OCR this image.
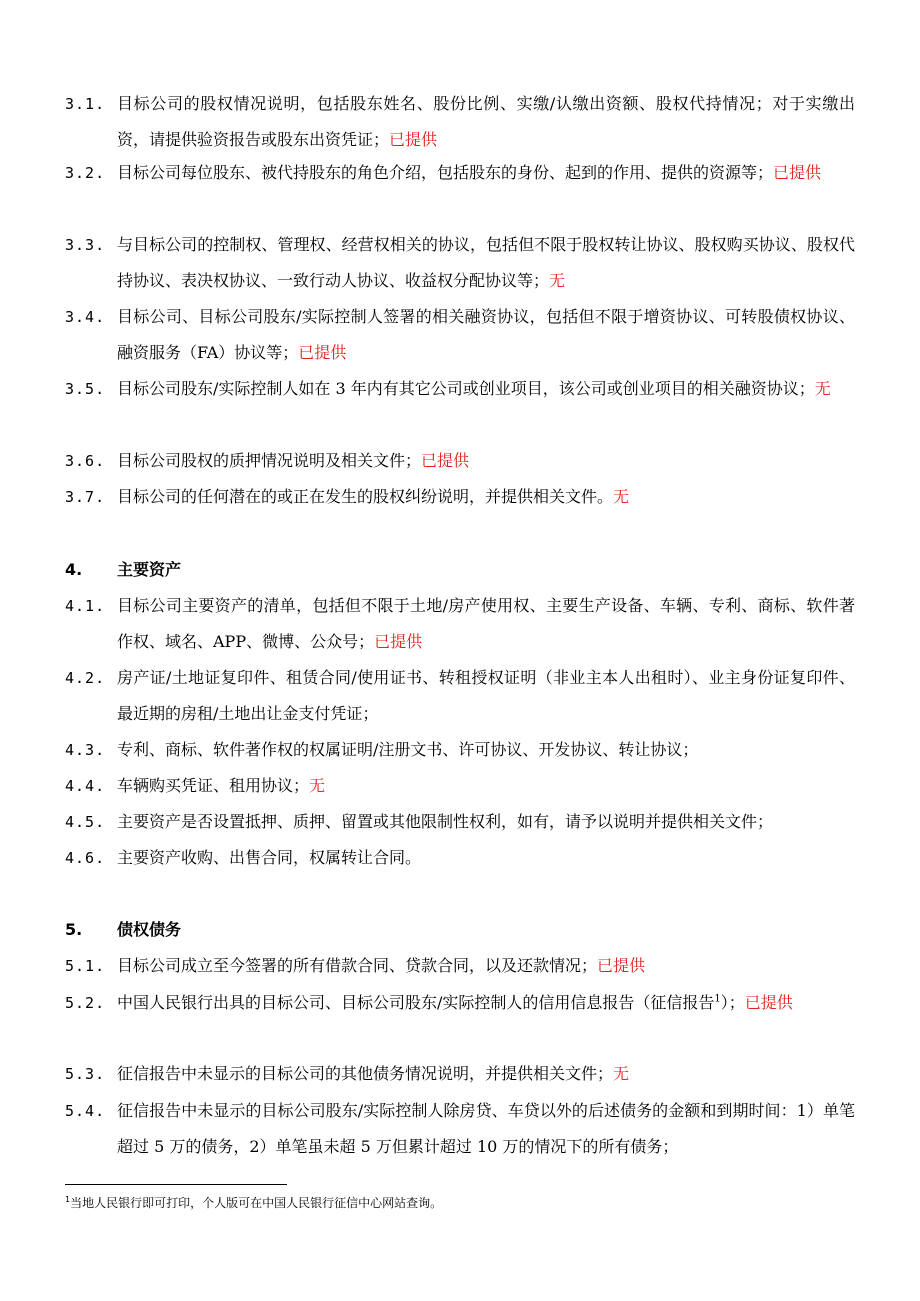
3.1. 目标公司的股权情况说明，包括股东姓名、股份比例、实缴/认缴出资额、股权代持情况；对于实缴出资，请提供验资报告或股东出资凭证；已提供
3.2. 目标公司每位股东、被代持股东的角色介绍，包括股东的身份、起到的作用、提供的资源等；已提供
3.3. 与目标公司的控制权、管理权、经营权相关的协议，包括但不限于股权转让协议、股权购买协议、股权代持协议、表决权协议、一致行动人协议、收益权分配协议等；无
3.4. 目标公司、目标公司股东/实际控制人签署的相关融资协议，包括但不限于增资协议、可转股债权协议、融资服务（FA）协议等；已提供
3.5. 目标公司股东/实际控制人如在 3 年内有其它公司或创业项目，该公司或创业项目的相关融资协议；无
3.6. 目标公司股权的质押情况说明及相关文件；已提供
3.7. 目标公司的任何潜在的或正在发生的股权纠纷说明，并提供相关文件。无
4. 主要资产
4.1. 目标公司主要资产的清单，包括但不限于土地/房产使用权、主要生产设备、车辆、专利、商标、软件著作权、域名、APP、微博、公众号；已提供
4.2. 房产证/土地证复印件、租赁合同/使用证书、转租授权证明（非业主本人出租时）、业主身份证复印件、最近期的房租/土地出让金支付凭证；
4.3. 专利、商标、软件著作权的权属证明/注册文书、许可协议、开发协议、转让协议；
4.4. 车辆购买凭证、租用协议；无
4.5. 主要资产是否设置抵押、质押、留置或其他限制性权利，如有，请予以说明并提供相关文件；
4.6. 主要资产收购、出售合同，权属转让合同。
5. 债权债务
5.1. 目标公司成立至今签署的所有借款合同、贷款合同，以及还款情况；已提供
5.2. 中国人民银行出具的目标公司、目标公司股东/实际控制人的信用信息报告（征信报告$^1$）；已提供
5.3. 征信报告中未显示的目标公司的其他债务情况说明，并提供相关文件；无
5.4. 征信报告中未显示的目标公司股东/实际控制人除房贷、车贷以外的后述债务的金额和到期时间：1）单笔超过 5 万的债务，2）单笔虽未超 5 万但累计超过 10 万的情况下的所有债务；
$^1$当地人民银行即可打印，个人版可在中国人民银行征信中心网站查询。
